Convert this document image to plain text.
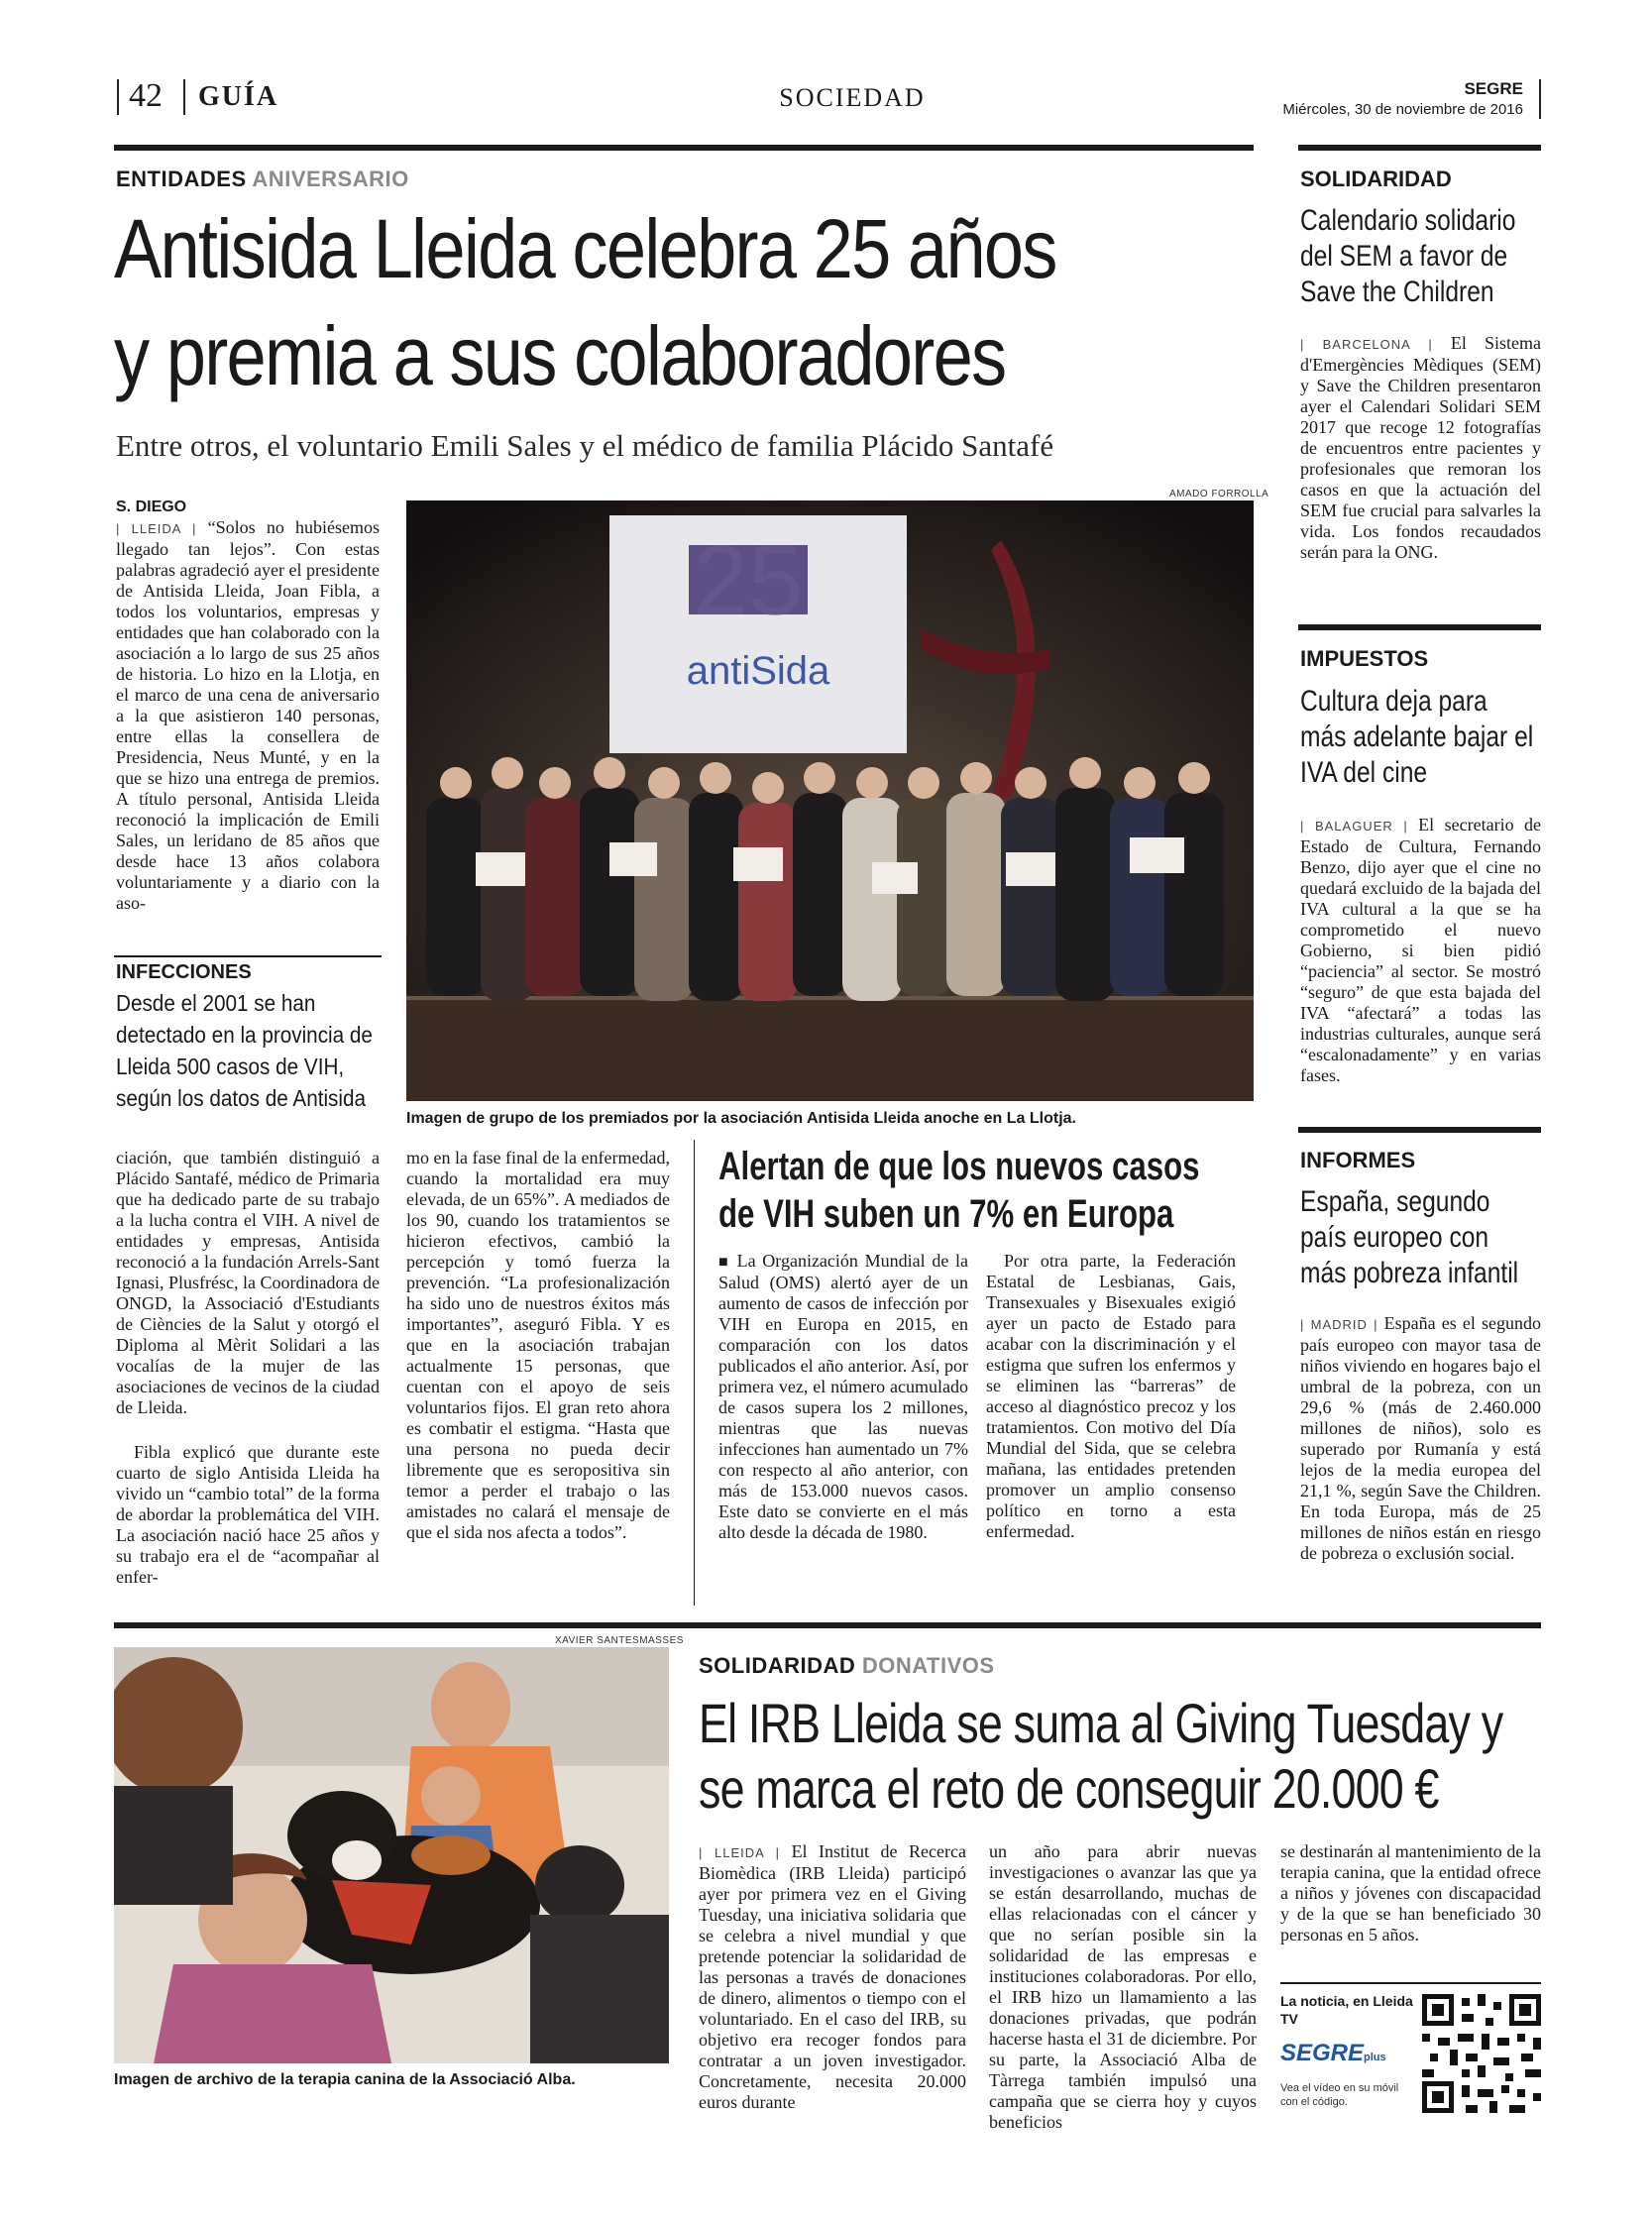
42 GUÍA	SOCIEDAD	SEGRE
Miércoles, 30 de noviembre de 2016
ENTIDADES ANIVERSARIO
Antisida Lleida celebra 25 años
y premia a sus colaboradores
Entre otros, el voluntario Emili Sales y el médico de familia Plácido Santafé
S. DIEGO
| LLEIDA | “Solos no hubiésemos llegado tan lejos”. Con estas palabras agradeció ayer el presidente de Antisida Lleida, Joan Fibla, a todos los voluntarios, empresas y entidades que han colaborado con la asociación a lo largo de sus 25 años de historia. Lo hizo en la Llotja, en el marco de una cena de aniversario a la que asistieron 140 personas, entre ellas la consellera de Presidencia, Neus Munté, y en la que se hizo una entrega de premios. A título personal, Antisida Lleida reconoció la implicación de Emili Sales, un leridano de 85 años que desde hace 13 años colabora voluntariamente y a diario con la aso-
AMADO FORROLLA
25
antiSida
Imagen de grupo de los premiados por la asociación Antisida Lleida anoche en La Llotja.
INFECCIONES
Desde el 2001 se han detectado en la provincia de Lleida 500 casos de VIH, según los datos de Antisida
ciación, que también distinguió a Plácido Santafé, médico de Primaria que ha dedicado parte de su trabajo a la lucha contra el VIH. A nivel de entidades y empresas, Antisida reconoció a la fundación Arrels-Sant Ignasi, Plusfrésc, la Coordinadora de ONGD, la Associació d'Estudiants de Ciències de la Salut y otorgó el Diploma al Mèrit Solidari a las vocalías de la mujer de las asociaciones de vecinos de la ciudad de Lleida.
Fibla explicó que durante este cuarto de siglo Antisida Lleida ha vivido un “cambio total” de la forma de abordar la problemática del VIH. La asociación nació hace 25 años y su trabajo era el de “acompañar al enfer-
mo en la fase final de la enfermedad, cuando la mortalidad era muy elevada, de un 65%”. A mediados de los 90, cuando los tratamientos se hicieron efectivos, cambió la percepción y tomó fuerza la prevención. “La profesionalización ha sido uno de nuestros éxitos más importantes”, aseguró Fibla. Y es que en la asociación trabajan actualmente 15 personas, que cuentan con el apoyo de seis voluntarios fijos. El gran reto ahora es combatir el estigma. “Hasta que una persona no pueda decir libremente que es seropositiva sin temor a perder el trabajo o las amistades no calará el mensaje de que el sida nos afecta a todos”.
Alertan de que los nuevos casos
de VIH suben un 7% en Europa
■ La Organización Mundial de la Salud (OMS) alertó ayer de un aumento de casos de infección por VIH en Europa en 2015, en comparación con los datos publicados el año anterior. Así, por primera vez, el número acumulado de casos supera los 2 millones, mientras que las nuevas infecciones han aumentado un 7% con respecto al año anterior, con más de 153.000 nuevos casos. Este dato se convierte en el más alto desde la década de 1980.
Por otra parte, la Federación Estatal de Lesbianas, Gais, Transexuales y Bisexuales exigió ayer un pacto de Estado para acabar con la discriminación y el estigma que sufren los enfermos y se eliminen las “barreras” de acceso al diagnóstico precoz y los tratamientos. Con motivo del Día Mundial del Sida, que se celebra mañana, las entidades pretenden promover un amplio consenso político en torno a esta enfermedad.
SOLIDARIDAD
Calendario solidario del SEM a favor de Save the Children
| BARCELONA | El Sistema d'Emergències Mèdiques (SEM) y Save the Children presentaron ayer el Calendari Solidari SEM 2017 que recoge 12 fotografías de encuentros entre pacientes y profesionales que remoran los casos en que la actuación del SEM fue crucial para salvarles la vida. Los fondos recaudados serán para la ONG.
IMPUESTOS
Cultura deja para más adelante bajar el IVA del cine
| BALAGUER | El secretario de Estado de Cultura, Fernando Benzo, dijo ayer que el cine no quedará excluido de la bajada del IVA cultural a la que se ha comprometido el nuevo Gobierno, si bien pidió “paciencia” al sector. Se mostró “seguro” de que esta bajada del IVA “afectará” a todas las industrias culturales, aunque será “escalonadamente” y en varias fases.
INFORMES
España, segundo país europeo con más pobreza infantil
| MADRID | España es el segundo país europeo con mayor tasa de niños viviendo en hogares bajo el umbral de la pobreza, con un 29,6 % (más de 2.460.000 millones de niños), solo es superado por Rumanía y está lejos de la media europea del 21,1 %, según Save the Children. En toda Europa, más de 25 millones de niños están en riesgo de pobreza o exclusión social.
XAVIER SANTESMASSES
Imagen de archivo de la terapia canina de la Associació Alba.
SOLIDARIDAD DONATIVOS
El IRB Lleida se suma al Giving Tuesday y
se marca el reto de conseguir 20.000 €
| LLEIDA | El Institut de Recerca Biomèdica (IRB Lleida) participó ayer por primera vez en el Giving Tuesday, una iniciativa solidaria que se celebra a nivel mundial y que pretende potenciar la solidaridad de las personas a través de donaciones de dinero, alimentos o tiempo con el voluntariado. En el caso del IRB, su objetivo era recoger fondos para contratar a un joven investigador. Concretamente, necesita 20.000 euros durante
un año para abrir nuevas investigaciones o avanzar las que ya se están desarrollando, muchas de ellas relacionadas con el cáncer y que no serían posible sin la solidaridad de las empresas e instituciones colaboradoras. Por ello, el IRB hizo un llamamiento a las donaciones privadas, que podrán hacerse hasta el 31 de diciembre. Por su parte, la Associació Alba de Tàrrega también impulsó una campaña que se cierra hoy y cuyos beneficios
se destinarán al mantenimiento de la terapia canina, que la entidad ofrece a niños y jóvenes con discapacidad y de la que se han beneficiado 30 personas en 5 años.
La noticia, en Lleida TV
SEGREplus
Vea el vídeo en su móvil con el código.
